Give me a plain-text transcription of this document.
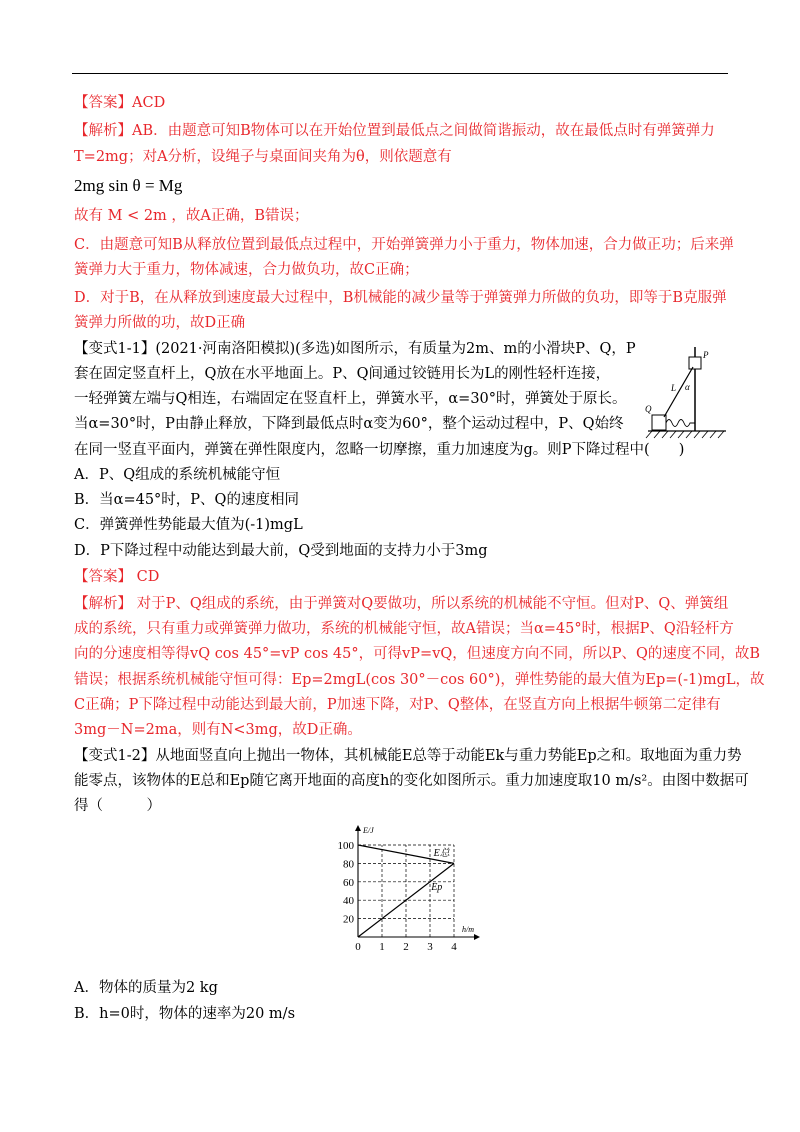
【答案】ACD
【解析】AB．由题意可知B物体可以在开始位置到最低点之间做简谐振动，故在最低点时有弹簧弹力
T=2mg；对A分析，设绳子与桌面间夹角为θ，则依题意有
2mg sin θ = Mg
故有 M < 2m ，故A正确，B错误；
C．由题意可知B从释放位置到最低点过程中，开始弹簧弹力小于重力，物体加速，合力做正功；后来弹
簧弹力大于重力，物体减速，合力做负功，故C正确；
D．对于B，在从释放到速度最大过程中，B机械能的减少量等于弹簧弹力所做的负功，即等于B克服弹
簧弹力所做的功，故D正确
【变式1-1】(2021·河南洛阳模拟)(多选)如图所示，有质量为2m、m的小滑块P、Q，P
套在固定竖直杆上，Q放在水平地面上。P、Q间通过铰链用长为L的刚性轻杆连接，
一轻弹簧左端与Q相连，右端固定在竖直杆上，弹簧水平，α=30°时，弹簧处于原长。
当α=30°时，P由静止释放，下降到最低点时α变为60°，整个运动过程中，P、Q始终
在同一竖直平面内，弹簧在弹性限度内，忽略一切摩擦，重力加速度为g。则P下降过程中(　　)
A．P、Q组成的系统机械能守恒
B．当α=45°时，P、Q的速度相同
C．弹簧弹性势能最大值为(-1)mgL
D．P下降过程中动能达到最大前，Q受到地面的支持力小于3mg
P
Q
L α
【答案】 CD
【解析】 对于P、Q组成的系统，由于弹簧对Q要做功，所以系统的机械能不守恒。但对P、Q、弹簧组
成的系统，只有重力或弹簧弹力做功，系统的机械能守恒，故A错误；当α=45°时，根据P、Q沿轻杆方
向的分速度相等得vQ cos 45°=vP cos 45°，可得vP=vQ，但速度方向不同，所以P、Q的速度不同，故B
错误；根据系统机械能守恒可得：Ep=2mgL(cos 30°－cos 60°)，弹性势能的最大值为Ep=(-1)mgL，故
C正确；P下降过程中动能达到最大前，P加速下降，对P、Q整体，在竖直方向上根据牛顿第二定律有
3mg－N=2ma，则有N<3mg，故D正确。
【变式1-2】从地面竖直向上抛出一物体，其机械能E总等于动能Ek与重力势能Ep之和。取地面为重力势
能零点，该物体的E总和Ep随它离开地面的高度h的变化如图所示。重力加速度取10 m/s²。由图中数据可
得（　　　）
0 1 2 3 4
20
40
60
80
100
E/J
h/m
E总
Ep
A．物体的质量为2 kg
B．h=0时，物体的速率为20 m/s
